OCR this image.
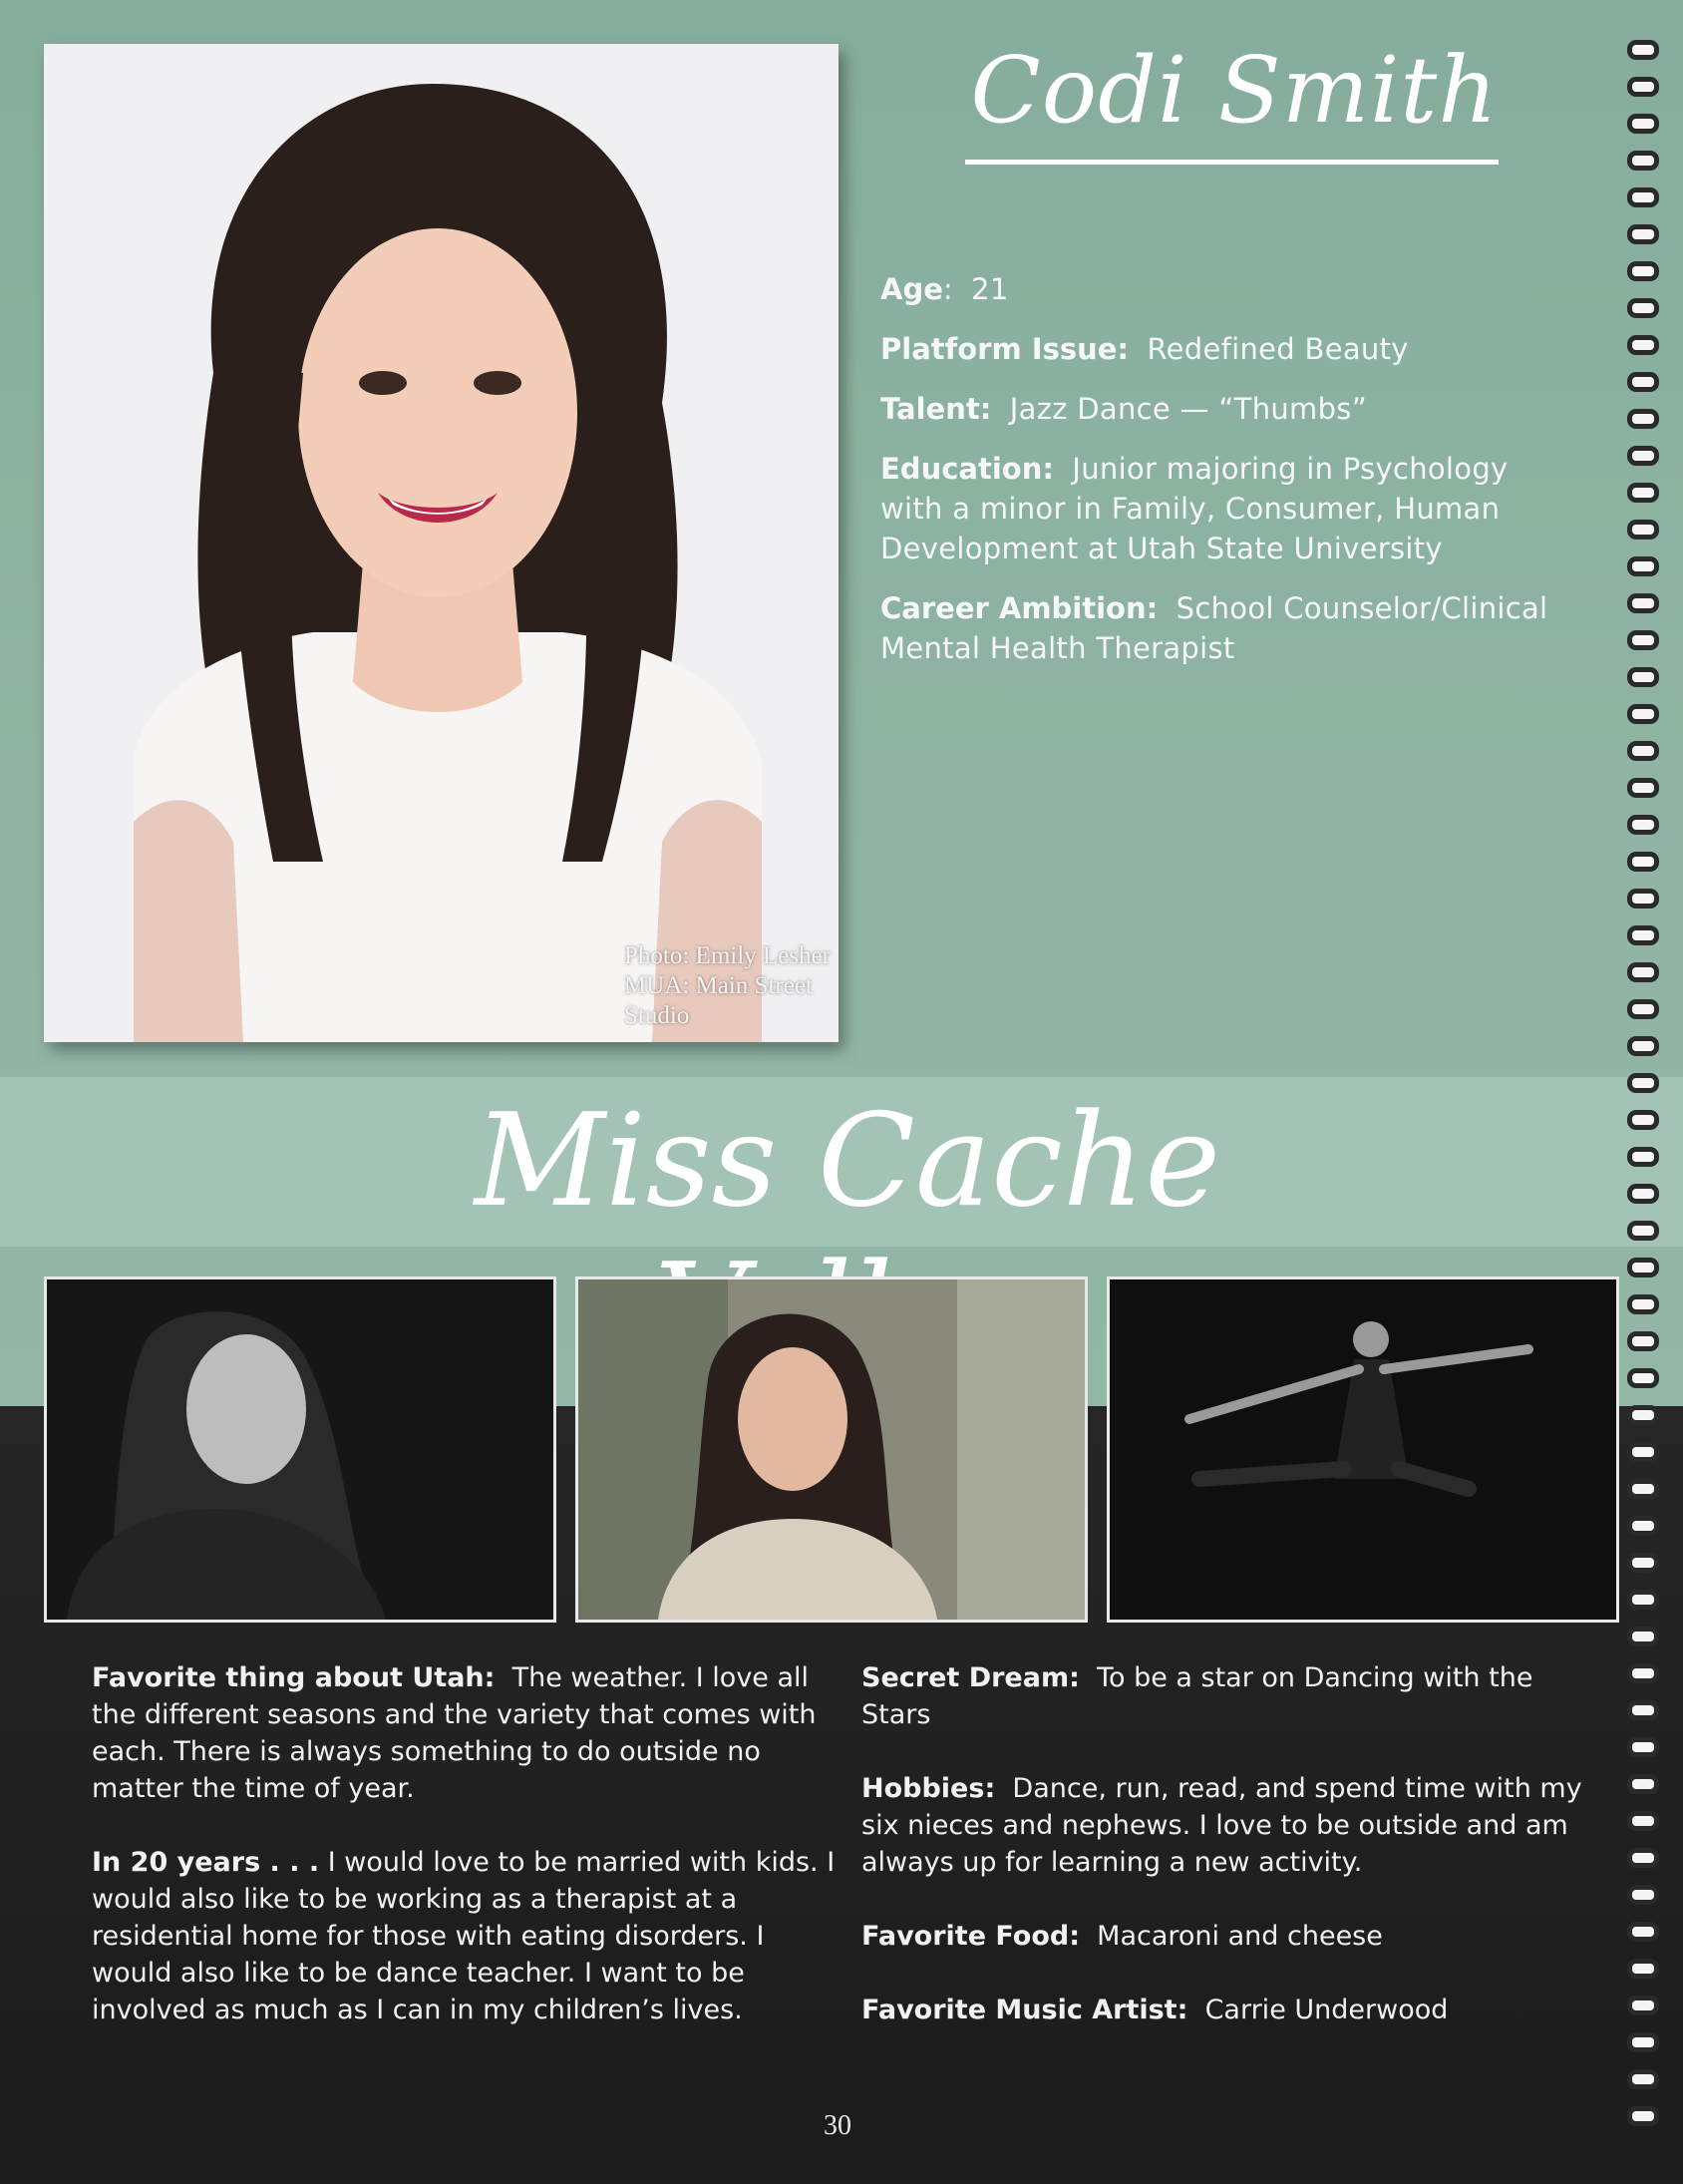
Photo: Emily Lesher
MUA: Main Street Studio
Codi Smith
Age: 21
Platform Issue: Redefined Beauty
Talent: Jazz Dance — “Thumbs”
Education: Junior majoring in Psychology with a minor in Family, Consumer, Human Development at Utah State University
Career Ambition: School Counselor/Clinical Mental Health Therapist
Miss Cache

Favorite thing about Utah: The weather. I love all the different seasons and the variety that comes with each. There is always something to do outside no matter the time of year.

In 20 years . . . I would love to be married with kids. I would also like to be working as a therapist at a residential home for those with eating disorders. I would also like to be dance teacher. I want to be involved as much as I can in my children’s lives.

Secret Dream: To be a star on Dancing with the Stars

Hobbies: Dance, run, read, and spend time with my six nieces and nephews. I love to be outside and am always up for learning a new activity.

Favorite Food: Macaroni and cheese

Favorite Music Artist: Carrie Underwood

30
